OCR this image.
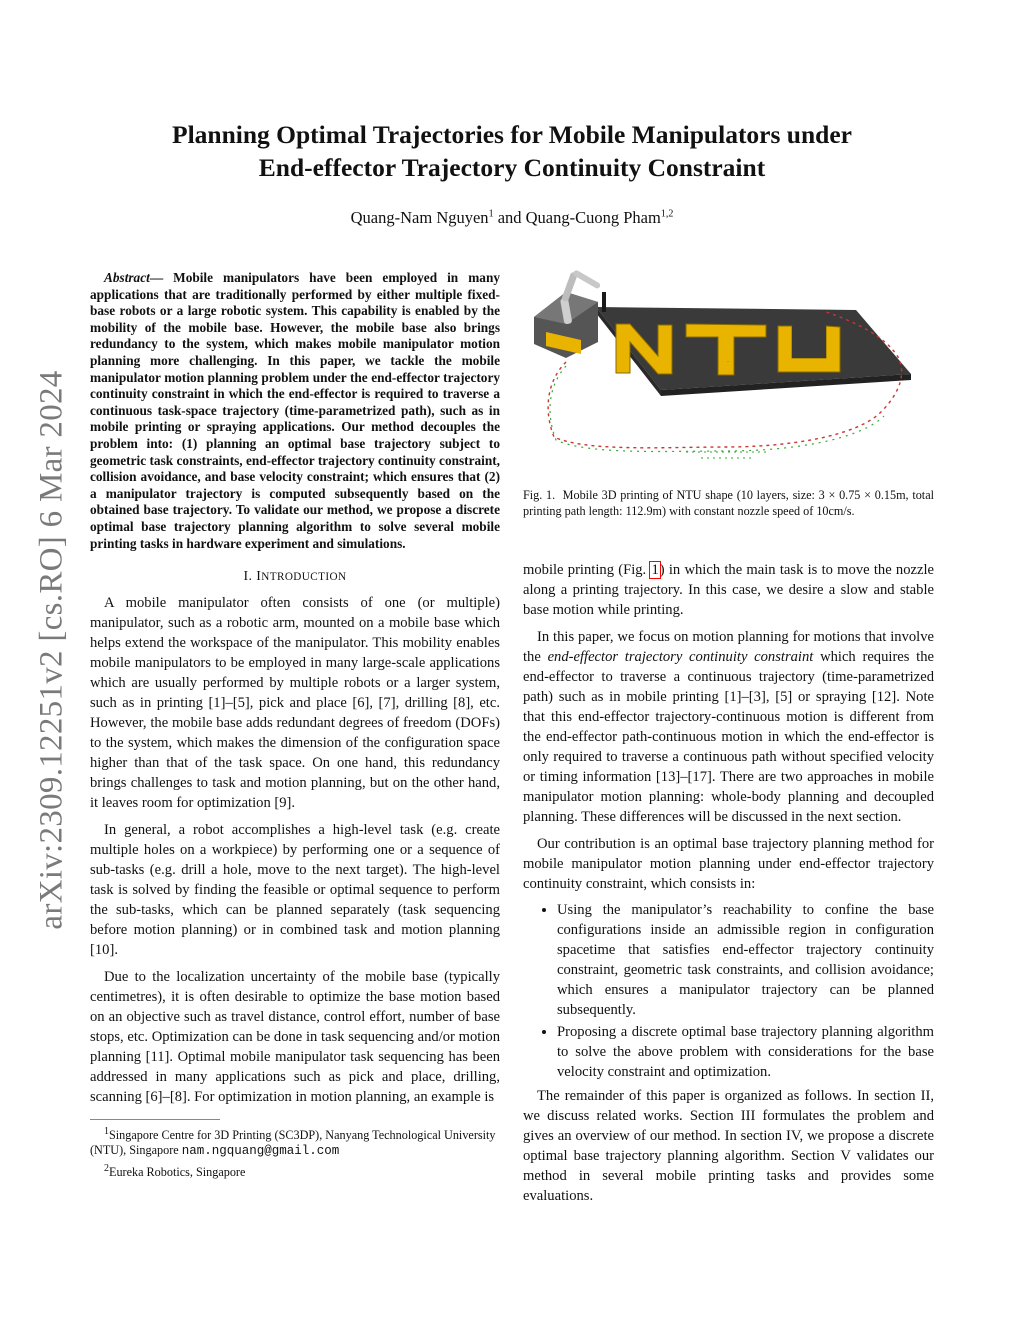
arXiv:2309.12251v2 [cs.RO] 6 Mar 2024
Planning Optimal Trajectories for Mobile Manipulators under
End-effector Trajectory Continuity Constraint
Quang-Nam Nguyen$^1$ and Quang-Cuong Pham$^{1,2}$

Abstract— Mobile manipulators have been employed in many applications that are traditionally performed by either multiple fixed-base robots or a large robotic system. This capability is enabled by the mobility of the mobile base. However, the mobile base also brings redundancy to the system, which makes mobile manipulator motion planning more challenging. In this paper, we tackle the mobile manipulator motion planning problem under the end-effector trajectory continuity constraint in which the end-effector is required to traverse a continuous task-space trajectory (time-parametrized path), such as in mobile printing or spraying applications. Our method decouples the problem into: (1) planning an optimal base trajectory subject to geometric task constraints, end-effector trajectory continuity constraint, collision avoidance, and base velocity constraint; which ensures that (2) a manipulator trajectory is computed subsequently based on the obtained base trajectory. To validate our method, we propose a discrete optimal base trajectory planning algorithm to solve several mobile printing tasks in hardware experiment and simulations.

I. INTRODUCTION

A mobile manipulator often consists of one (or multiple) manipulator, such as a robotic arm, mounted on a mobile base which helps extend the workspace of the manipulator. This mobility enables mobile manipulators to be employed in many large-scale applications which are usually performed by multiple robots or a larger system, such as in printing [1]–[5], pick and place [6], [7], drilling [8], etc. However, the mobile base adds redundant degrees of freedom (DOFs) to the system, which makes the dimension of the configuration space higher than that of the task space. On one hand, this redundancy brings challenges to task and motion planning, but on the other hand, it leaves room for optimization [9].

In general, a robot accomplishes a high-level task (e.g. create multiple holes on a workpiece) by performing one or a sequence of sub-tasks (e.g. drill a hole, move to the next target). The high-level task is solved by finding the feasible or optimal sequence to perform the sub-tasks, which can be planned separately (task sequencing before motion planning) or in combined task and motion planning [10].

Due to the localization uncertainty of the mobile base (typically centimetres), it is often desirable to optimize the base motion based on an objective such as travel distance, control effort, number of base stops, etc. Optimization can be done in task sequencing and/or motion planning [11]. Optimal mobile manipulator task sequencing has been addressed in many applications such as pick and place, drilling, scanning [6]–[8]. For optimization in motion planning, an example is

$^1$Singapore Centre for 3D Printing (SC3DP), Nanyang Technological University (NTU), Singapore nam.ngquang@gmail.com

$^2$Eureka Robotics, Singapore

NTU
Fig. 1. Mobile 3D printing of NTU shape (10 layers, size: 3 × 0.75 × 0.15m, total printing path length: 112.9m) with constant nozzle speed of 10cm/s.

mobile printing (Fig. 1) in which the main task is to move the nozzle along a printing trajectory. In this case, we desire a slow and stable base motion while printing.

In this paper, we focus on motion planning for motions that involve the end-effector trajectory continuity constraint which requires the end-effector to traverse a continuous trajectory (time-parametrized path) such as in mobile printing [1]–[3], [5] or spraying [12]. Note that this end-effector trajectory-continuous motion is different from the end-effector path-continuous motion in which the end-effector is only required to traverse a continuous path without specified velocity or timing information [13]–[17]. There are two approaches in mobile manipulator motion planning: whole-body planning and decoupled planning. These differences will be discussed in the next section.

Our contribution is an optimal base trajectory planning method for mobile manipulator motion planning under end-effector trajectory continuity constraint, which consists in:

• Using the manipulator’s reachability to confine the base configurations inside an admissible region in configuration spacetime that satisfies end-effector trajectory continuity constraint, geometric task constraints, and collision avoidance; which ensures a manipulator trajectory can be planned subsequently.
• Proposing a discrete optimal base trajectory planning algorithm to solve the above problem with considerations for the base velocity constraint and optimization.

The remainder of this paper is organized as follows. In section II, we discuss related works. Section III formulates the problem and gives an overview of our method. In section IV, we propose a discrete optimal base trajectory planning algorithm. Section V validates our method in several mobile printing tasks and provides some evaluations.
